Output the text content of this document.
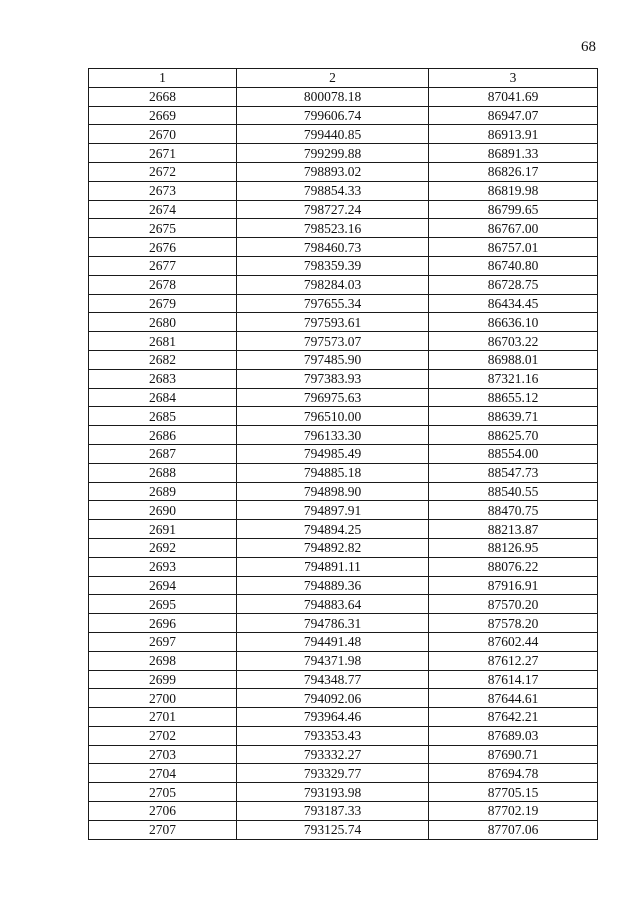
68
1	2	3
2668	800078.18	87041.69
2669	799606.74	86947.07
2670	799440.85	86913.91
2671	799299.88	86891.33
2672	798893.02	86826.17
2673	798854.33	86819.98
2674	798727.24	86799.65
2675	798523.16	86767.00
2676	798460.73	86757.01
2677	798359.39	86740.80
2678	798284.03	86728.75
2679	797655.34	86434.45
2680	797593.61	86636.10
2681	797573.07	86703.22
2682	797485.90	86988.01
2683	797383.93	87321.16
2684	796975.63	88655.12
2685	796510.00	88639.71
2686	796133.30	88625.70
2687	794985.49	88554.00
2688	794885.18	88547.73
2689	794898.90	88540.55
2690	794897.91	88470.75
2691	794894.25	88213.87
2692	794892.82	88126.95
2693	794891.11	88076.22
2694	794889.36	87916.91
2695	794883.64	87570.20
2696	794786.31	87578.20
2697	794491.48	87602.44
2698	794371.98	87612.27
2699	794348.77	87614.17
2700	794092.06	87644.61
2701	793964.46	87642.21
2702	793353.43	87689.03
2703	793332.27	87690.71
2704	793329.77	87694.78
2705	793193.98	87705.15
2706	793187.33	87702.19
2707	793125.74	87707.06
